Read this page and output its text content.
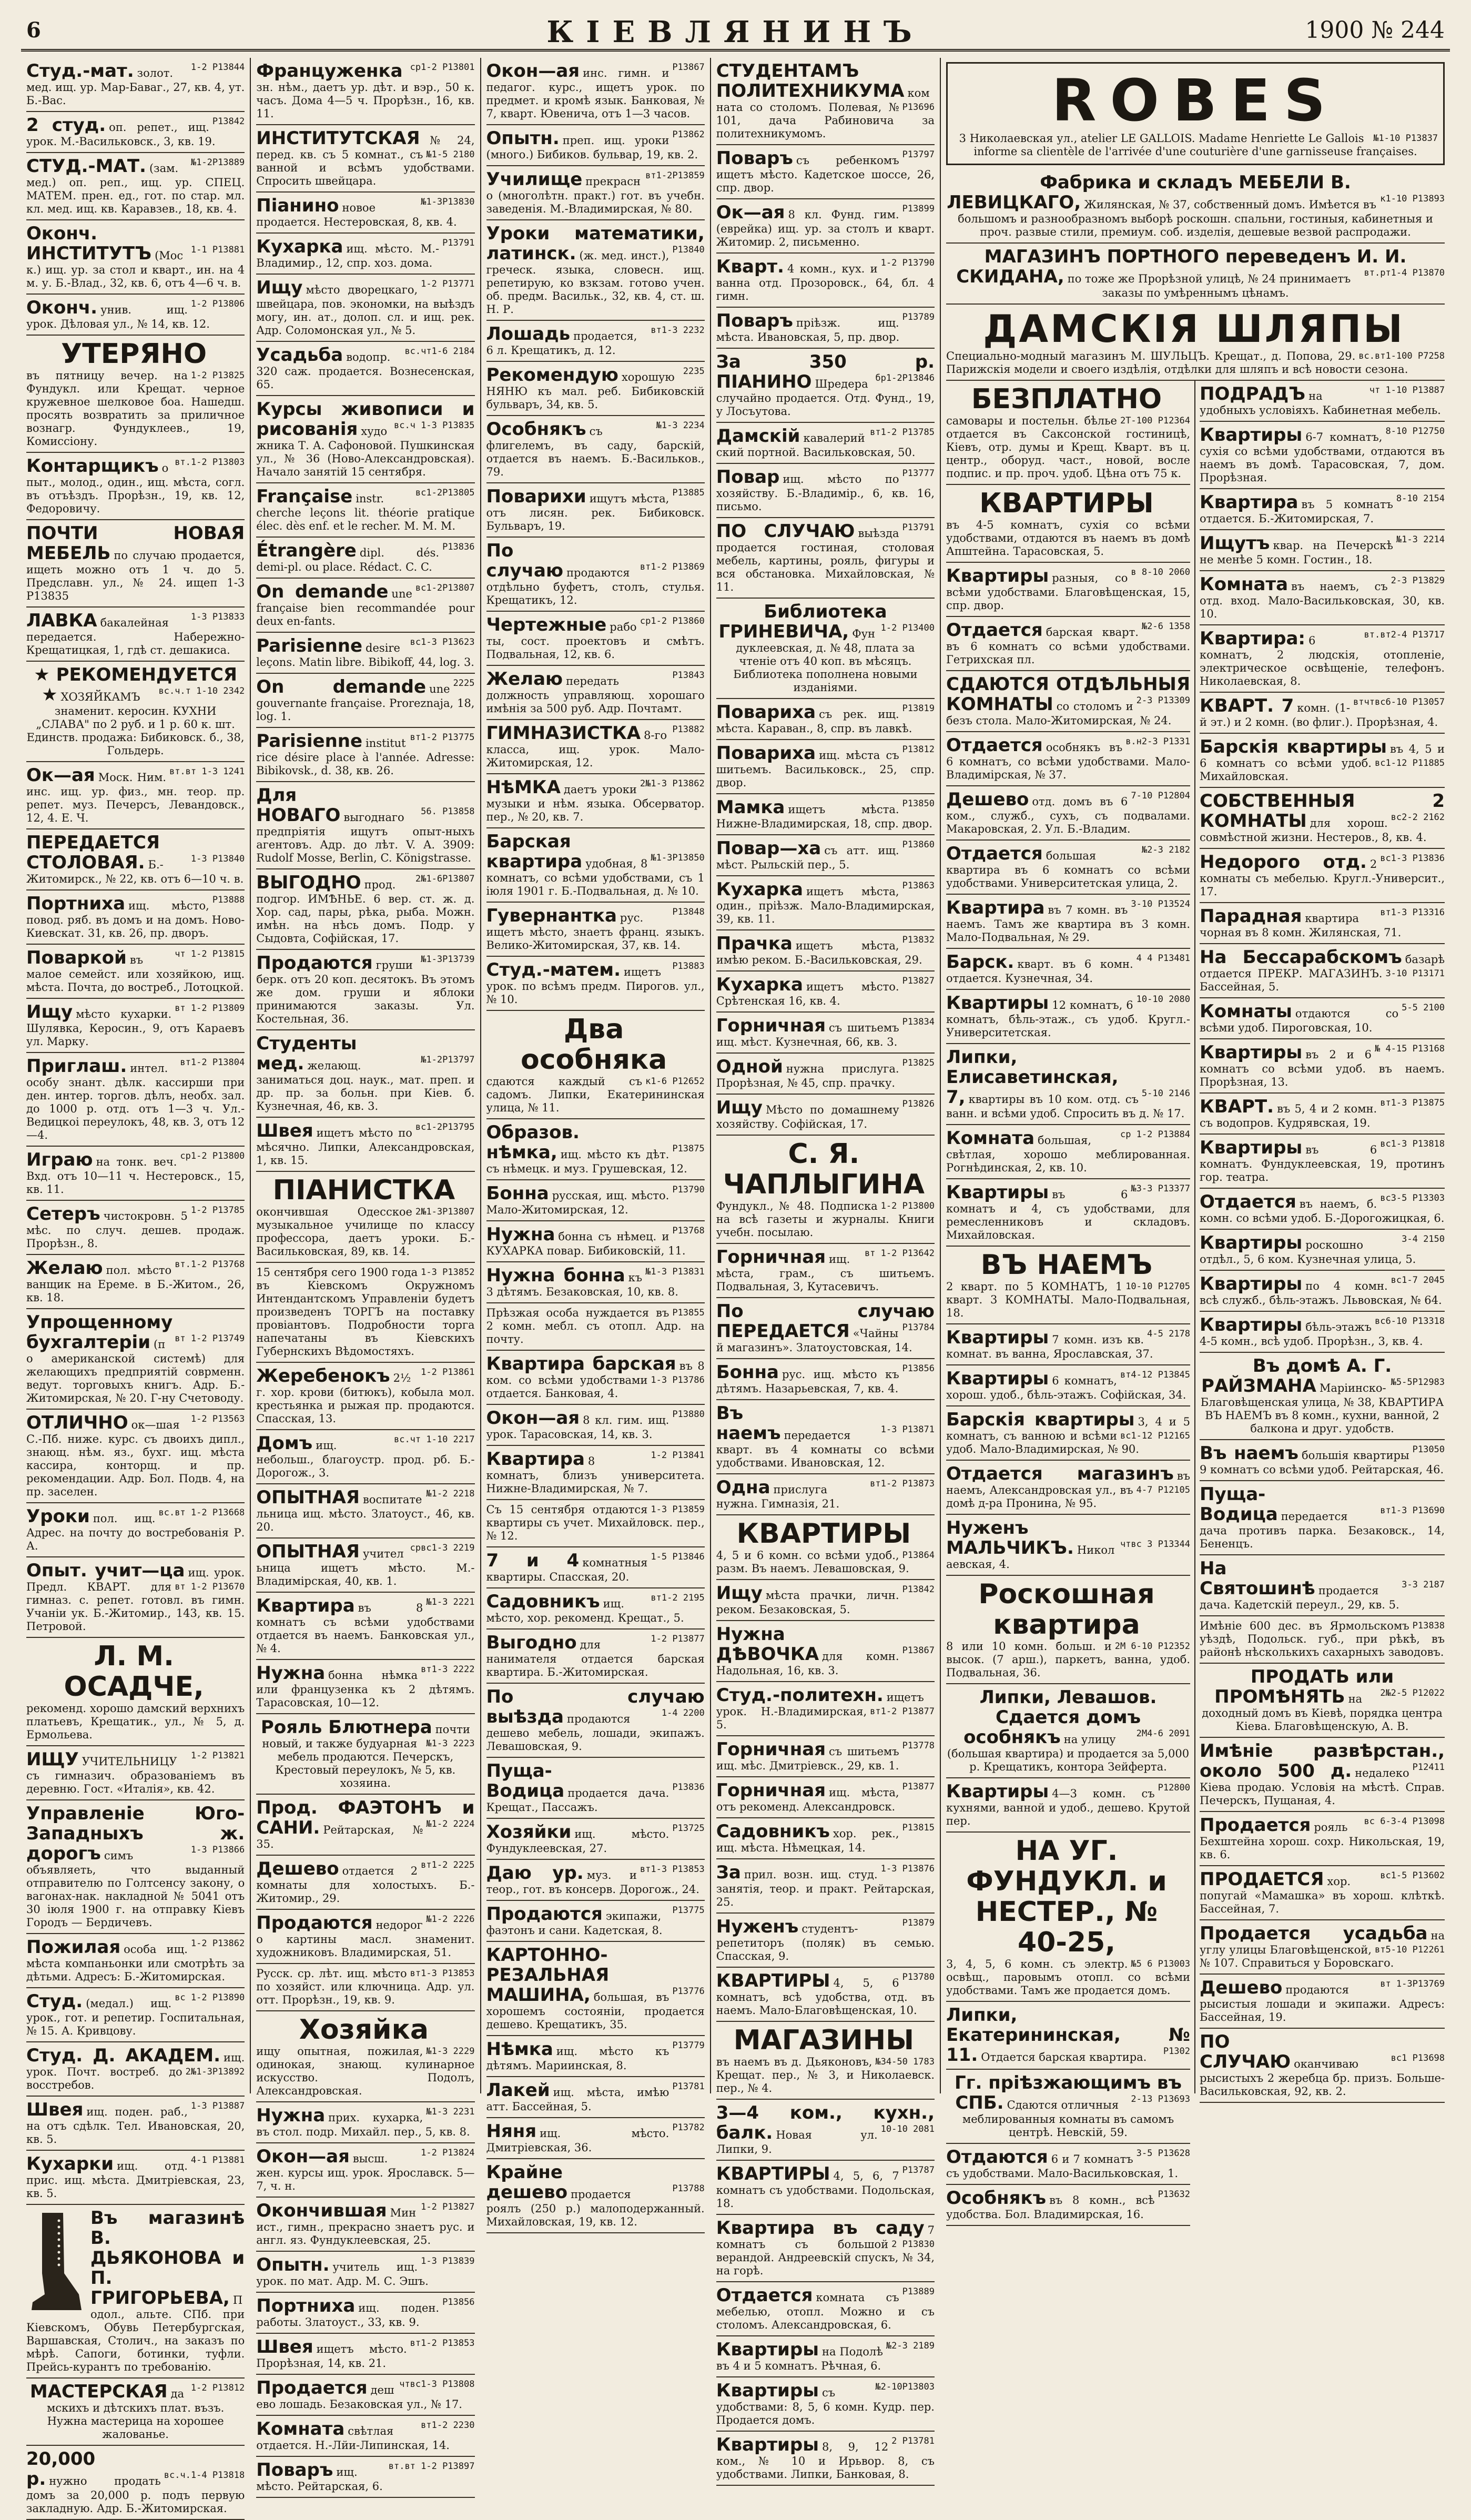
6	КІЕВЛЯНИНЪ	1900 № 244
Студ.-мат.	1-2 Р13844
золот. мед. ищ. ур. Мар-Баваг., 27, кв. 4, ут. Б.-Вас.
2 студ.	Р13842
оп. репет., ищ. урок. М.-Васильковск., 3, кв. 19.
СТУД.-МАТ.	№1-2Р13889
(зам. мед.) оп. реп., ищ. ур. СПЕЦ. МАТЕМ. прен. ед., гот. по стар. мл. кл. мед. ищ. кв. Каравзев., 18, кв. 4.
Оконч. ИНСТИТУТЪ	1-1 Р13881
(Моск.) ищ. ур. за стол и кварт., ин. на 4 м. у. Б.-Влад., 32, кв. 6, отъ 4—6 ч. в.
Оконч.	1-2 Р13806
унив. ищ. урок. Дѣловая ул., № 14, кв. 12.
УТЕРЯНО
1-2 Р13825
въ пятницу вечер. на Фундукл. или Крещат. черное кружевное шелковое боа. Нашедш. просять возвратить за приличное вознагр. Фундуклеев., 19, Комиссіону.
Контарщикъ вт.1-2 Р13803
опыт., молод., один., ищ. мѣста, согл. въ отъѣздъ. Прорѣзн., 19, кв. 12, Федоровичу.
ПОЧТИ НОВАЯ МЕБЕЛЬ по случаю продается, ищеть можно отъ 1 ч. до 5. Предславн. ул., № 24. ищеп 1-3 Р13835
ЛАВКА	1-3 Р13833
бакалейная передается. Набережно-Крещатицкая, 1, гдѣ ст. дешакиса.
★ РЕКОМЕНДУЕТСЯ ★	вс.ч.т 1-10 2342
ХОЗЯЙКАМЪ знаменит. керосин. КУХНИ „СЛАВА" по 2 руб. и 1 р. 60 к. шт. Единств. продажа: Бибиковск. б., 38, Гольдерь.
Ок—ая	вт.вт 1-3 1241
Моск. Ним. инс. ищ. ур. физ., мн. теор. пр. репет. муз. Печерсъ, Левандовск., 12, 4. Е. Ч.
ПЕРЕДАЕТСЯ СТОЛОВАЯ.	1-3 Р13840
Б.-Житомирск., № 22, кв. отъ 6—10 ч. в.
Портниха	Р13888
ищ. мѣсто, повод. ряб. въ домъ и на домъ. Ново-Киевскат. 31, кв. 26, пр. дворъ.
Поваркой	чт 1-2 Р13815
въ малое семейст. или хозяйкою, ищ. мѣста. Почта, до востреб., Лотоцкой.
Ищу	вт 1-2 Р13809
мѣсто кухарки. Шулявка, Керосин., 9, отъ Караевъ ул. Марку.
Приглаш.	вт1-2 Р13804
интел. особу знант. дѣлк. кассирши при ден. интер. торгов. дѣлъ, необх. зал. до 1000 р. отд. отъ 1—3 ч. Ул.-Ведицкоі переулокъ, 48, кв. 3, отъ 12—4.
Играю	ср1-2 Р13800
на тонк. веч. Вхд. отъ 10—11 ч. Нестеровск., 15, кв. 11.
Сетеръ	1-2 Р13785
чистокровн. 5 мѣс. по случ. дешев. продаж. Прорѣзн., 8.
Желаю	вт.1-2 Р13768
пол. мѣсто ванщик на Ереме. в Б.-Житом., 26, кв. 18.
Упрощенному бухгалтеріи	вт 1-2 Р13749
(по американской системѣ) для желающихъ предприятій соврменн. ведут. торговыхъ книгъ. Адр. Б.-Житомирская, № 20. Г-ну Счетоводу.
ОТЛИЧНО	1-2 Р13563
ок—шая С.-Пб. ниже. курс. съ двоихъ дипл., знающ. нѣм. яз., бухг. ищ. мѣста кассира, конторщ. и пр. рекомендации. Адр. Бол. Подв. 4, на пр. заселен.
Уроки	вс.вт 1-2 Р13668
пол. ищ. Адрес. на почту до востребованія Р. А.
Опыт. учит—ца
вт 1-2 Р13670
ищ. урок. Предл. КВАРТ. для гимназ. с. репет. готовл. въ гимн. Учаніи ук. Б.-Житомир., 143, кв. 15. Петровой.
Л. М. ОСАДЧЕ,
рекоменд. хорошо дамский верхнихъ платьевъ, Крещатик., ул., № 5, д. Ермольева.
ИЩУ	1-2 Р13821
УЧИТЕЛЬНИЦУ съ гимназич. образованіемъ въ деревню. Гост. «Италія», кв. 42.
Управленіе Юго-Западныхъ ж. дорогъ	1-3 Р13866
симъ объявляеть, что выданный отправителю по Голтсенсу закону, о вагонах-нак. накладной № 5041 отъ 30 іюля 1900 г. на отправку Кіевъ Городъ — Бердичевъ.
Пожилая	1-2 Р13862
особа ищ. мѣста компаньонки или смотрѣть за дѣтьми. Адресъ: Б.-Житомирская.
Студ.	вс 1-2 Р13890
(медал.) ищ. урок., гот. и репетир. Госпитальная, № 15. А. Кривцову.
Студ. Д. АКАДЕМ.
2№1-3Р13892
ищ. урок. Почт. востреб. до восстребов.
Швея	1-3 Р13887
ищ. поден. раб., на отъ сдѣлк. Тел. Ивановская, 20, кв. 5.
Кухарки	4-1 Р13881
ищ. отд. прис. ищ. мѣста. Дмитріевская, 23, кв. 5.
Въ магазинѣ В. ДЬЯКОНОВА и П. ГРИГОРЬЕВА, Подол., альте. СПб. при Кіевскомъ, Обувь Петербургская, Варшавская, Столич., на заказъ по мѣрѣ. Сапоги, ботинки, туфли. Прейсь-курантъ по требованію.
МАСТЕРСКАЯ	1-2 Р13812
дамскихъ и дѣтскихъ плат. възъ. Нужна мастерица на хорошее жалованье.
20,000 р.	вс.ч.1-4 Р13818
нужно продать домъ за 20,000 р. подъ первую закладную. Адр. Б.-Житомирская.
Француженка ср1-2 Р13801
зн. нѣм., даетъ ур. дѣт. и вэр., 50 к. часъ. Дома 4—5 ч. Прорѣзн., 16, кв. 11.
ИНСТИТУТСКАЯ
№1-5 2180
№ 24, перед. кв. съ 5 комнат., съ ванной и всѣмъ удобствами. Спросить швейцара.
Піанино	№1-3Р13830
новое продается. Нестеровская, 8, кв. 4.
Кухарка	Р13791
ищ. мѣсто. М.-Владимир., 12, спр. хоз. дома.
Ищу	1-2 Р13771
мѣсто дворецкаго, швейцара, пов. экономки, на выѣздъ могу, ин. ат., долоп. сл. и ищ. рек. Адр. Соломонская ул., № 5.
Усадьба	вс.чт1-6 2184
водопр. 320 саж. продается. Вознесенская, 65.
Курсы живописи и рисованія	вс.ч 1-3 Р13835
художника Т. А. Сафоновой. Пушкинская ул., № 36 (Ново-Александровская). Начало занятій 15 сентября.
Française	вс1-2Р13805
instr. cherche leçons lit. théorie pratique élec. dès enf. et le recher. M. M. M.
Étrangère	Р13836
dipl. dés. demi-pl. ou place. Rédact. C. C.
On demande	вс1-2Р13807
une française bien recommandée pour deux en-fants.
Parisienne	вс1-3 Р13623
desire leçons. Matin libre. Bibikoff, 44, log. 3.
On demande	2225
une gouvernante française. Proreznaja, 18, log. 1.
Parisienne	вт1-2 Р13775
institutrice désire place à l'année. Adresse: Bibikovsk., d. 38, кв. 26.
Для НОВАГО	56. Р13858
выгоднаго предпріятія ищутъ опыт-ныхъ агентовъ. Адр. до лѣт. V. A. 3909: Rudolf Mosse, Berlin, C. Königstrasse.
ВЫГОДНО	2№1-6Р13807
прод. подгор. ИМѢНЬЕ. 6 вер. ст. ж. д. Хор. сад, пары, рѣка, рыба. Можн. имѣн. на нѣсь домъ. Подр. у Сыдовта, Софійская, 17.
Продаются	№1-3Р13739
груши берк. отъ 20 коп. десятокъ. Въ этомъ же дом. груши и яблоки принимаются заказы. Ул. Костельная, 36.
Студенты мед.	№1-2Р13797
желающ. заниматься доц. наук., мат. преп. и др. пр. за больн. при Кіев. б. Кузнечная, 46, кв. 3.
Швея	вс1-2Р13795
ищетъ мѣсто по мѣсячно. Липки, Александровская, 1, кв. 15.
ПІАНИСТКА
2№1-3Р13807
окончившая Одесское музыкальное училище по классу профессора, даетъ уроки. Б.-Васильковская, 89, кв. 14.
1-3 Р13852
15 сентября сего 1900 года въ Кіевскомъ Окружномъ Интендантскомъ Управленіи будетъ произведенъ ТОРГЪ на поставку провіантовъ. Подробности торга напечатаны въ Кіевскихъ Губернскихъ Вѣдомостяхъ.
Жеребенокъ	1-2 Р13861
2½ г. хор. крови (битюкъ), кобыла мол. крестьянка и рыжая пр. продаются. Спасская, 13.
Домъ	вс.чт 1-10 2217
ищ. небольш., благоустр. прод. рб. Б.-Дорогож., 3.
ОПЫТНАЯ	№1-2 2218
воспитательница ищ. мѣсто. Златоуст., 46, кв. 20.
ОПЫТНАЯ	срвс1-3 2219
учительница ищетъ мѣсто. М.-Владимірская, 40, кв. 1.
Квартира	№1-3 2221
въ 8 комнатъ съ всѣми удобствами отдается въ наемъ. Банковская ул., № 4.
Нужна	вт1-3 2222
бонна нѣмка или французенка къ 2 дѣтямъ. Тарасовская, 10—12.
Рояль Блютнера
№1-3 2223
почти новый, и также будуарная мебель продаются. Печерскъ, Крестовый переулокъ, № 5, кв. хозяина.
Прод. ФАЭТОНЪ и САНИ.	№1-2 2224
Рейтарская, № 35.
Дешево	вт1-2 2225
отдается 2 комнаты для холостыхъ. Б.-Житомир., 29.
Продаются	№1-2 2226
недорого картины масл. знаменит. художниковъ. Владимирская, 51.
вт1-3 Р13853
Русск. ср. лѣт. ищ. мѣсто по хозяйст. или ключница. Адр. ул. отт. Прорѣзн., 19, кв. 9.
Хозяйка
№1-3 2229
ищу опытная, пожилая, одинокая, знающ. кулинарное искусство. Подолъ, Александровская.
Нужна	№1-3 2231
прих. кухарка, въ стол. подр. Михайл. пер., 5, кв. 8.
Окон—ая	1-2 Р13824
высш. жен. курсы ищ. урок. Ярославск. 5—7, ч. н.
Окончившая	1-2 Р13827
Минист., гимн., прекрасно знаетъ рус. и англ. яз. Фундуклеевская, 25.
Опытн.	1-3 Р13839
учитель ищ. урок. по мат. Адр. М. С. Эшъ.
Портниха	Р13856
ищ. поден. работы. Златоуст., 33, кв. 9.
Швея	вт1-2 Р13853
ищетъ мѣсто. Прорѣзная, 14, кв. 21.
Продается	чтвс1-3 Р13808
дешево лошадь. Безаковская ул., № 17.
Комната	вт1-2 2230
свѣтлая отдается. Н.-Лйи-Липинская, 14.
Поваръ	вт.вт 1-2 Р13897
ищ. мѣсто. Рейтарская, 6.
Окон—ая	Р13867
инс. гимн. и педагог. курс., ищетъ урок. по предмет. и кромѣ язык. Банковая, № 7, кварт. Ювенича, отъ 1—3 часов.
Опытн.	Р13862
преп. ищ. уроки (много.) Бибиков. бульвар, 19, кв. 2.
Училище	вт1-2Р13859
прекрасно (многолѣтн. практ.) гот. въ учебн. заведенія. М.-Владимирская, № 80.
Уроки математики, латинск.	Р13840
(ж. мед. инст.), греческ. языка, словесн. ищ. репетирую, ко взкзам. готово учен. об. предм. Васильк., 32, кв. 4, ст. ш. Н. Р.
Лошадь	вт1-3 2232
продается, 6 л. Крещатикъ, д. 12.
Рекомендую	2235
хорошую НЯНЮ къ мал. реб. Бибиковскій бульваръ, 34, кв. 5.
Особнякъ	№1-3 2234
съ флигелемъ, въ саду, барскій, отдается въ наемъ. Б.-Васильков., 79.
Поварихи	Р13885
ищутъ мѣста, отъ лисян. рек. Бибиковск. Бульваръ, 19.
По случаю	вт1-2 Р13869
продаются отдѣльно буфетъ, столъ, стулья. Крещатикъ, 12.
Чертежные	ср1-2 Р13860
работы, сост. проектовъ и смѣтъ. Подвальная, 12, кв. 6.
Желаю	Р13843
передать должность управляющ. хорошаго имѣнія за 500 руб. Адр. Почтамт.
ГИМНАЗИСТКА	Р13882
8-го класса, ищ. урок. Мало-Житомирская, 12.
НѣМКА	2№1-3 Р13862
даетъ уроки музыки и нѣм. языка. Обсерватор. пер., № 20, кв. 7.
Барская квартира	№1-3Р13850
удобная, 8 комнатъ, со всѣми удобствами, съ 1 іюля 1901 г. Б.-Подвальная, д. № 10.
Гувернантка	Р13848
рус. ищетъ мѣсто, знаетъ франц. языкъ. Велико-Житомирская, 37, кв. 14.
Студ.-матем.	Р13883
ищетъ урок. по всѣмъ предм. Пирогов. ул., № 10.
Два особняка
к1-6 Р12652
сдаются каждый съ садомъ. Липки, Екатерининская улица, № 11.
Образов. нѣмка,	Р13875
ищ. мѣсто къ дѣт. съ нѣмецк. и муз. Грушевская, 12.
Бонна	Р13790
русская, ищ. мѣсто. Мало-Житомирская, 12.
Нужна	Р13768
бонна съ нѣмец. и КУХАРКА повар. Бибиковскій, 11.
Нужна бонна №1-3 Р13831
къ 3 дѣтямъ. Безаковская, 10, кв. 8.
Р13855
Прѣзжая особа нуждается въ 2 комн. мебл. съ отопл. Адр. на почту.
Квартира барская
1-3 Р13786
въ 8 ком. со всѣми удобствами отдается. Банковая, 4.
Окон—ая	Р13880
8 кл. гим. ищ. урок. Тарасовская, 14, кв. 3.
Квартира	1-2 Р13841
8 комнатъ, близъ университета. Нижне-Владимирская, № 7.
1-3 Р13859
Съ 15 сентября отдаются квартиры съ учет. Михайловск. пер., № 12.
7 и 4	1-5 Р13846
комнатныя квартиры. Спасская, 20.
Садовникъ	вт1-2 2195
ищ. мѣсто, хор. рекоменд. Крещат., 5.
Выгодно	1-2 Р13877
для нанимателя отдается барская квартира. Б.-Житомирская.
По случаю выѣзда	1-4 2200
продаются дешево мебель, лошади, экипажъ. Левашовская, 9.
Пуща-Водица	Р13836
продается дача. Крещат., Пассажъ.
Хозяйки	Р13725
ищ. мѣсто. Фундуклеевская, 27.
Даю ур.	вт1-3 Р13853
муз. и теор., гот. въ консерв. Дорогож., 24.
Продаются	Р13775
экипажи, фаэтонъ и сани. Кадетская, 8.
КАРТОННО-РЕЗАЛЬНАЯ МАШИНА,	Р13776
большая, въ хорошемъ состояніи, продается дешево. Крещатикъ, 35.
Нѣмка	Р13779
ищ. мѣсто къ дѣтямъ. Мариинская, 8.
Лакей	Р13781
ищ. мѣста, имѣю атт. Бассейная, 5.
Няня	Р13782
ищ. мѣсто. Дмитріевская, 36.
Крайне дешево	Р13788
продается роялъ (250 р.) малоподержанный. Михайловская, 19, кв. 12.
СТУДЕНТАМЪ ПОЛИТЕХНИКУМА
Р13696
комната со столомъ. Полевая, № 101, дача Рабиновича за политехникумомъ.
Поваръ	Р13797
съ ребенкомъ ищетъ мѣсто. Кадетское шоссе, 26, спр. двор.
Ок—ая	Р13899
8 кл. Фунд. гим. (еврейка) ищ. ур. за столъ и кварт. Житомир. 2, письменно.
Кварт.	1-2 Р13790
4 комн., кух. и ванна отд. Прозоровск., 64, бл. 4 гимн.
Поваръ	Р13789
пріѣзж. ищ. мѣста. Ивановская, 5, пр. двор.
За 350 р. ПІАНИНО	бр1-2Р13846
Шредера случайно продается. Отд. Фунд., 19, у Лосъутова.
Дамскій	вт1-2 Р13785
кавалерийский портной. Васильковская, 50.
Повар	Р13777
ищ. мѣсто по хозяйству. Б.-Владимір., 6, кв. 16, письмо.
ПО СЛУЧАЮ	Р13791
выѣзда продается гостиная, столовая мебель, картины, рояль, фигуры и вся обстановка. Михайловская, № 11.
Библиотека ГРИНЕВИЧА,	1-2 Р13400
Фундуклеевская, д. № 48, плата за чтеніе отъ 40 коп. въ мѣсяцъ. Библиотека пополнена новыми изданіями.
Повариха	Р13819
съ рек. ищ. мѣста. Караван., 8, спр. въ лавкѣ.
Повариха	Р13812
ищ. мѣста съ шитьемъ. Васильковск., 25, спр. двор.
Мамка	Р13850
ищетъ мѣста. Нижне-Владимирская, 18, спр. двор.
Повар—ха	Р13860
съ атт. ищ. мѣст. Рыльскій пер., 5.
Кухарка	Р13863
ищетъ мѣста, один., пріѣзж. Мало-Владимирская, 39, кв. 11.
Прачка	Р13832
ищетъ мѣста, имѣю реком. Б.-Васильковская, 29.
Кухарка	Р13827
ищетъ мѣсто. Срѣтенская 16, кв. 4.
Горничная	Р13834
съ шитьемъ ищ. мѣст. Кузнечная, 66, кв. 3.
Одной	Р13825
нужна прислуга. Прорѣзная, № 45, спр. прачку.
Ищу	Р13826
Мѣсто по домашнему хозяйству. Софійская, 17.
С. Я. ЧАПЛЫГИНА
1-2 Р13800
Фундукл., № 48. Подписка на всѣ газеты и журналы. Книги учебн. посылаю.
Горничная	вт 1-2 Р13642
ищ. мѣста, грам., съ шитьемъ. Подвальная, 3, Кутасевичъ.
По случаю ПЕРЕДАЕТСЯ	Р13784
«Чайный магазинъ». Златоустовская, 14.
Бонна	Р13856
рус. ищ. мѣсто къ дѣтямъ. Назарьевская, 7, кв. 4.
Въ наемъ	1-3 Р13871
передается кварт. въ 4 комнаты со всѣми удобствами. Ивановская, 12.
Одна	вт1-2 Р13873
прислуга нужна. Гимназія, 21.
КВАРТИРЫ
Р13864
4, 5 и 6 комн. со всѣми удоб., разм. Въ наемъ. Левашовская, 9.
Ищу	Р13842
мѣста прачки, личн. реком. Безаковская, 5.
Нужна ДѢВОЧКА	Р13867
для комн. Надольная, 16, кв. 3.
Студ.-политехн.
вт1-2 Р13877
ищетъ урок. Н.-Владимирская, 5.
Горничная	Р13778
съ шитьемъ ищ. мѣс. Дмитріевск., 29, кв. 1.
Горничная	Р13877
ищ. мѣста, отъ рекоменд. Александровск.
Садовникъ	Р13815
хор. рек., ищ. мѣста. Нѣмецкая, 14.
За	1-3 Р13876
прил. возн. ищ. студ. занятія, теор. и практ. Рейтарская, 25.
Нуженъ	Р13879
студентъ-репетиторъ (поляк) въ семью. Спасская, 9.
КВАРТИРЫ	Р13780
4, 5, 6 комнатъ, всѣ удобства, отд. въ наемъ. Мало-Благовѣщенская, 10.
МАГАЗИНЫ
№34-50 1783
въ наемъ въ д. Дьяконовъ, Крещат. пер., № 3, и Николаевск. пер., № 4.
3—4 ком., кухн., балк.	10-10 2081
Новая ул. Липки, 9.
КВАРТИРЫ	Р13787
4, 5, 6, 7 комнатъ съ удобствами. Подольская, 18.
Квартира въ саду
2 Р13830
7 комнатъ съ большой верандой. Андреевскій спускъ, № 34, на горѣ.
Отдается	Р13889
комната съ мебелью, отопл. Можно и съ столомъ. Александровская, 6.
Квартиры	№2-3 2189
на Подолѣ въ 4 и 5 комнатъ. Рѣчная, 6.
Квартиры	№2-10Р13803
съ удобствами: 8, 5, 6 комн. Кудр. пер. Продается домъ.
Квартиры	2 Р13781
8, 9, 12 ком., № 10 и Ирьвор. 8, съ удобствами. Липки, Банковая, 8.
ROBES
№1-10 Р13837
3 Николаевская ул., atelier LE GALLOIS. Madame Henriette Le Gallois informe sa clientèle de l'arrivée d'une couturière d'une garnisseuse françaises.
Фабрика и складъ МЕБЕЛИ В. ЛЕВИЦКАГО,	к1-10 Р13893
Жилянская, № 37, собственный домъ. Имѣется въ большомъ и разнообразномъ выборѣ роскошн. спальни, гостиныя, кабинетныя и проч. развые стили, премиум. соб. изделія, дешевые везвой распродажи.
МАГАЗИНЪ ПОРТНОГО переведенъ И. И. СКИДАНА,	вт.рт1-4 Р13870
по тоже же Прорѣзной улицѣ, № 24 принимаетъ заказы по умѣреннымъ цѣнамъ.
ДАМСКІЯ ШЛЯПЫ
вс.вт1-100 Р7258
Специально-модный магазинъ М. ШУЛЬЦЪ. Крещат., д. Попова, 29. Парижскія модели и своего издѣлія, отдѣлки для шляпъ и всѣ новости сезона.
БЕЗПЛАТНО
2Т-100 Р12364
самовары и постельн. бѣлье отдается въ Саксонской гостиницѣ, Кіевъ, отр. думы и Крещ. Кварт. въ ц. центр., оборуд. част., новой, восле подпис. и пр. проч. удоб. Цѣна отъ 75 к.
КВАРТИРЫ
въ 4-5 комнатъ, сухія со всѣми удобствами, отдаются въ наемъ въ домѣ Апштейна. Тарасовская, 5.
Квартиры	в 8-10 2060
разныя, со всѣми удобствами. Благовѣщенская, 15, спр. двор.
Отдается	№2-6 1358
барская кварт. въ 6 комнатъ со всѣми удобствами. Гетрихская пл.
СДАЮТСЯ ОТДѢЛЬНЫЯ КОМНАТЫ	2-3 Р13309
со столомъ и безъ стола. Мало-Житомирская, № 24.
Отдается	в.н2-3 Р1331
особнякъ въ 6 комнатъ, со всѣми удобствами. Мало-Владимірская, № 37.
Дешево	7-10 Р12804
отд. домъ въ 6 ком., служб., сухъ, съ подвалами. Макаровская, 2. Ул. Б.-Владим.
Отдается	№2-3 2182
большая квартира въ 6 комнатъ со всѣми удобствами. Университетская улица, 2.
Квартира	3-10 Р13524
въ 7 комн. въ наемъ. Тамъ же квартира въ 3 комн. Мало-Подвальная, № 29.
Барск.	4 4 Р13481
кварт. въ 6 комн. отдается. Кузнечная, 34.
Квартиры	10-10 2080
12 комнатъ, 6 комнатъ, бѣль-этаж., съ удоб. Кругл.-Университетская.
Липки, Елисаветинская, 7,	5-10 2146
квартиры въ 10 ком. отд. съ ванн. и всѣми удоб. Спросить въ д. № 17.
Комната	ср 1-2 Р13884
большая, свѣтлая, хорошо меблированная. Рогнѣдинская, 2, кв. 10.
Квартиры	№3-3 Р13377
въ 6 комнатъ и 4, съ удобствами, для ремесленниковъ и складовъ. Михайловская.
ВЪ НАЕМЪ
10-10 Р12705
2 кварт. по 5 КОМНАТЪ, 1 кварт. 3 КОМНАТЫ. Мало-Подвальная, 18.
Квартиры	4-5 2178
7 комн. изъ кв. комнат. въ ванна, Ярославская, 37.
Квартиры	вт4-12 Р13845
6 комнатъ, хорош. удоб., бѣль-этажъ. Софійская, 34.
Барскія квартиры
вс1-12 Р12165
3, 4 и 5 комнатъ, съ ванною и всѣми удоб. Мало-Владимирская, № 90.
Отдается магазинъ
4-7 Р12105
въ наемъ, Александровская ул., въ домѣ д-ра Пронина, № 95.
Нуженъ МАЛЬЧИКЪ.	чтвс 3 Р13344
Николаевская, 4.
Роскошная квартира
2М 6-10 Р12352
8 или 10 комн. больш. и высок. (7 арш.), паркетъ, ванна, удоб. Подвальная, 36.
Липки, Левашов. Сдается домъ особнякъ	2М4-6 2091
на улицу (большая квартира) и продается за 5,000 р. Крещатикъ, контора Зейферта.
Квартиры	Р12800
4—3 комн. съ кухнями, ванной и удоб., дешево. Крутой пер.
НА УГ. ФУНДУКЛ. и НЕСТЕР., № 40-25,
№5 6 Р13003
3, 4, 5, 6 комн. съ электр. освѣщ., паровымъ отопл. со всѣми удобствами. Тамъ же продается домъ.
Липки, Екатерининская, № 11.	Р1302
Отдается барская квартира.
Гг. пріѣзжающимъ въ СПБ.	2-13 Р13693
Сдаются отличныя меблированныя комнаты въ самомъ центрѣ. Невскій, 59.
Отдаются	3-5 Р13628
6 и 7 комнатъ съ удобствами. Мало-Васильковская, 1.
Особнякъ	Р13632
въ 8 комн., всѣ удобства. Бол. Владимирская, 16.
ПОДРАДЪ	чт 1-10 Р13887
на удобныхъ условіяхъ. Кабинетная мебель.
Квартиры	8-10 Р12750
6-7 комнатъ, сухія со всѣми удобствами, отдаются въ наемъ въ домѣ. Тарасовская, 7, дом. Прорѣзная.
Квартира	8-10 2154
въ 5 комнатъ отдается. Б.-Житомирская, 7.
Ищутъ	№1-3 2214
квар. на Печерскѣ не менѣе 5 комн. Гостин., 18.
Комната	2-3 Р13829
въ наемъ, съ отд. вход. Мало-Васильковская, 30, кв. 10.
Квартира:	вт.вт2-4 Р13717
6 комнатъ, 2 людскія, отопленіе, электрическое освѣщеніе, телефонъ. Николаевская, 8.
КВАРТ. 7	втчтвс6-10 Р13057
комн. (1-й эт.) и 2 комн. (во флиг.). Прорѣзная, 4.
Барскія квартиры
вс1-12 Р11885
въ 4, 5 и 6 комнатъ со всѣми удоб. Михайловская.
СОБСТВЕННЫЯ 2 КОМНАТЫ	вс2-2 2162
для хорош. совмѣстной жизни. Нестеров., 8, кв. 4.
Недорого отд. вс1-3 Р13836
2 комнаты съ мебелью. Кругл.-Университ., 17.
Парадная	вт1-3 Р13316
квартира чорная въ 8 комн. Жилянская, 71.
На Бессарабскомъ
3-10 Р13171
базарѣ отдается ПРЕКР. МАГАЗИНЪ. Бассейная, 5.
Комнаты	5-5 2100
отдаются со всѣми удоб. Пироговская, 10.
Квартиры	№ 4-15 Р13168
въ 2 и 6 комнатъ со всѣми удоб. въ наемъ. Прорѣзная, 13.
КВАРТ.	вт1-3 Р13875
въ 5, 4 и 2 комн. съ водопров. Кудрявская, 19.
Квартиры	вс1-3 Р13818
въ 6 комнатъ. Фундуклеевская, 19, протинъ гор. театра.
Отдается	вс3-5 Р13303
въ наемъ, б. комн. со всѣми удоб. Б.-Дорогожицкая, 6.
Квартиры	3-4 2150
роскошно отдѣл., 5, 6 ком. Кузнечная улица, 5.
Квартиры	вс1-7 2045
по 4 комн. всѣ служб., бѣль-этажъ. Львовская, № 64.
Квартиры	вс6-10 Р13318
бѣль-этажъ 4-5 комн., всѣ удоб. Прорѣзн., 3, кв. 4.
Въ домѣ А. Г. РАЙЗМАНА	№5-5Р12983
Маріинско-Благовѣщенская улица, № 38, КВАРТИРА ВЪ НАЕМЪ въ 8 комн., кухни, ванной, 2 балкона и друг. удобств.
Въ наемъ	Р13050
большія квартиры 9 комнатъ со всѣми удоб. Рейтарская, 46.
Пуща-Водица	вт1-3 Р13690
передается дача противъ парка. Безаковск., 14, Бененцъ.
На Святошинѣ	3-3 2187
продается дача. Кадетскій переул., 29, кв. 5.
Р13838
Имѣніе 600 дес. въ Ярмольскомъ уѣздѣ, Подольск. губ., при рѣкѣ, въ районѣ нѣсколькихъ сахарныхъ заводовъ.
ПРОДАТЬ или ПРОМѢНЯТЬ	2№2-5 Р12022
на доходный домъ въ Кіевѣ, порядка центра Кіева. Благовѣщенскую, А. В.
Имѣніе развѣрстан., около 500 д.	Р12411
недалеко Кіева продаю. Условія на мѣстѣ. Справ. Печерскъ, Пущаная, 4.
Продается	вс 6-3-4 Р13098
рояль Бехштейна хорош. сохр. Никольская, 19, кв. 6.
ПРОДАЕТСЯ	вс1-5 Р13602
хор. попугай «Мамашка» въ хорош. клѣткѣ. Бассейная, 7.
Продается усадьба
вт5-10 Р12261
на углу улицы Благовѣщенской, № 107. Справиться у Боровскаго.
Дешево	вт 1-3Р13769
продаются рысистыя лошади и экипажи. Адресъ: Бассейная, 19.
ПО СЛУЧАЮ	вс1 Р13698
оканчиваю рысистыхъ 2 жеребца бр. призъ. Больше-Васильковская, 92, кв. 2.
